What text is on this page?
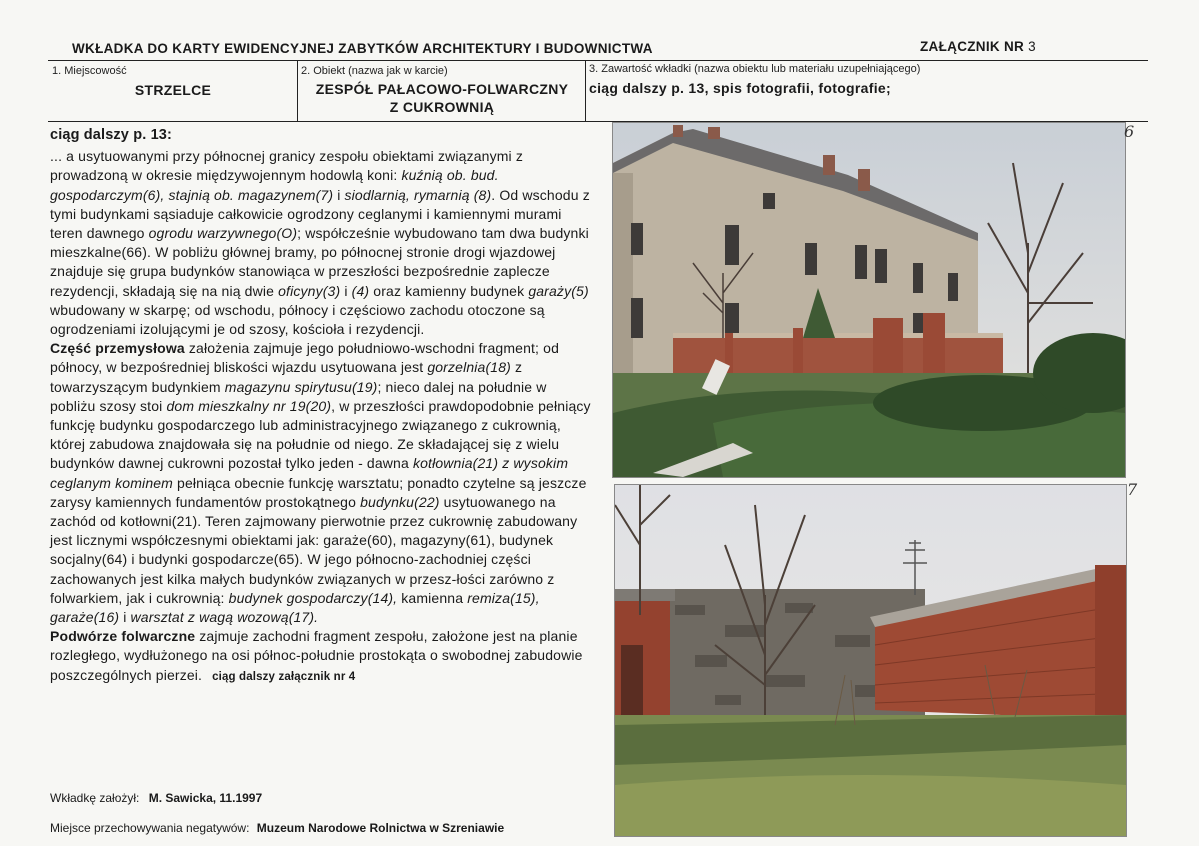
WKŁADKA DO KARTY EWIDENCYJNEJ ZABYTKÓW ARCHITEKTURY I BUDOWNICTWA	ZAŁĄCZNIK NR 3
1. Miejscowość
STRZELCE
2. Obiekt (nazwa jak w karcie)
ZESPÓŁ PAŁACOWO-FOLWARCZNY
Z CUKROWNIĄ
3. Zawartość wkładki (nazwa obiektu lub materiału uzupełniającego)
ciąg dalszy p. 13, spis fotografii, fotografie;

ciąg dalszy p. 13:

... a usytuowanymi przy północnej granicy zespołu obiektami związanymi z prowadzoną w okresie międzywojennym hodowlą koni: kuźnią ob. bud. gospodarczym(6), stajnią ob. magazynem(7) i siodlarnią, rymarnią (8). Od wschodu z tymi budynkami sąsiaduje całkowicie ogrodzony ceglanymi i kamiennymi murami teren dawnego ogrodu warzywnego(O); współcześnie wybudowano tam dwa budynki mieszkalne(66). W pobliżu głównej bramy, po północnej stronie drogi wjazdowej znajduje się grupa budynków stanowiąca w przeszłości bezpośrednie zaplecze rezydencji, składają się na nią dwie oficyny(3) i (4) oraz kamienny budynek garaży(5) wbudowany w skarpę; od wschodu, północy i częściowo zachodu otoczone są ogrodzeniami izolującymi je od szosy, kościoła i rezydencji.

Część przemysłowa założenia zajmuje jego południowo-wschodni fragment; od północy, w bezpośredniej bliskości wjazdu usytuowana jest gorzelnia(18) z towarzyszącym budynkiem magazynu spirytusu(19); nieco dalej na południe w pobliżu szosy stoi dom mieszkalny nr 19(20), w przeszłości prawdopodobnie pełniący funkcję budynku gospodarczego lub administracyjnego związanego z cukrownią, której zabudowa znajdowała się na południe od niego. Ze składającej się z wielu budynków dawnej cukrowni pozostał tylko jeden - dawna kotłownia(21) z wysokim ceglanym kominem pełniąca obecnie funkcję warsztatu; ponadto czytelne są jeszcze zarysy kamiennych fundamentów prostokątnego budynku(22) usytuowanego na zachód od kotłowni(21). Teren zajmowany pierwotnie przez cukrownię zabudowany jest licznymi współczesnymi obiektami jak: garaże(60), magazyny(61), budynek socjalny(64) i budynki gospodarcze(65). W jego północno-zachodniej części zachowanych jest kilka małych budynków związanych w przesz-łości zarówno z folwarkiem, jak i cukrownią: budynek gospodarczy(14), kamienna remiza(15), garaże(16) i warsztat z wagą wozową(17).

Podwórze folwarczne zajmuje zachodni fragment zespołu, założone jest na planie rozległego, wydłużonego na osi północ-południe prostokąta o swobodnej zabudowie poszczególnych pierzei. ciąg dalszy załącznik nr 4

Wkładkę założył: M. Sawicka, 11.1997
Miejsce przechowywania negatywów: Muzeum Narodowe Rolnictwa w Szreniawie
6
7
